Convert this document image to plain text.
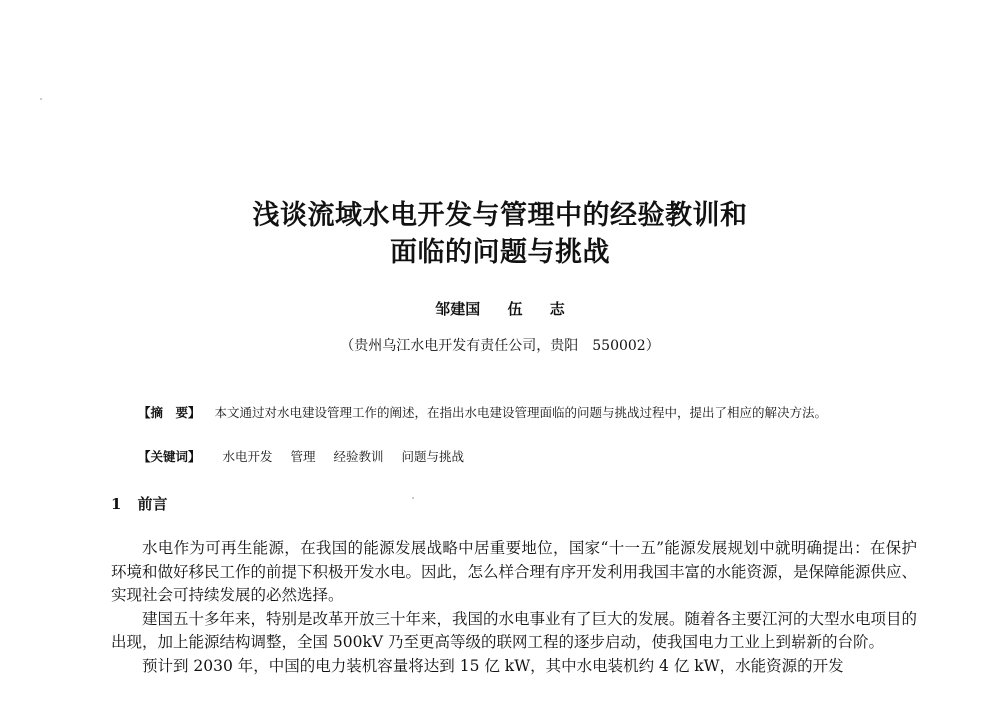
浅谈流域水电开发与管理中的经验教训和
面临的问题与挑战
邹建国 伍 志
（贵州乌江水电开发有责任公司，贵阳　550002）
【摘　要】 本文通过对水电建设管理工作的阐述，在指出水电建设管理面临的问题与挑战过程中，提出了相应的解决方法。
【关键词】 水电开发 管理 经验教训 问题与挑战
1 前言

水电作为可再生能源，在我国的能源发展战略中居重要地位，国家“十一五”能源发展规划中就明确提出：在保护环境和做好移民工作的前提下积极开发水电。因此，怎么样合理有序开发利用我国丰富的水能资源，是保障能源供应、实现社会可持续发展的必然选择。

建国五十多年来，特别是改革开放三十年来，我国的水电事业有了巨大的发展。随着各主要江河的大型水电项目的出现，加上能源结构调整，全国 500kV 乃至更高等级的联网工程的逐步启动，使我国电力工业上到崭新的台阶。

预计到 2030 年，中国的电力装机容量将达到 15 亿 kW，其中水电装机约 4 亿 kW，水能资源的开发
